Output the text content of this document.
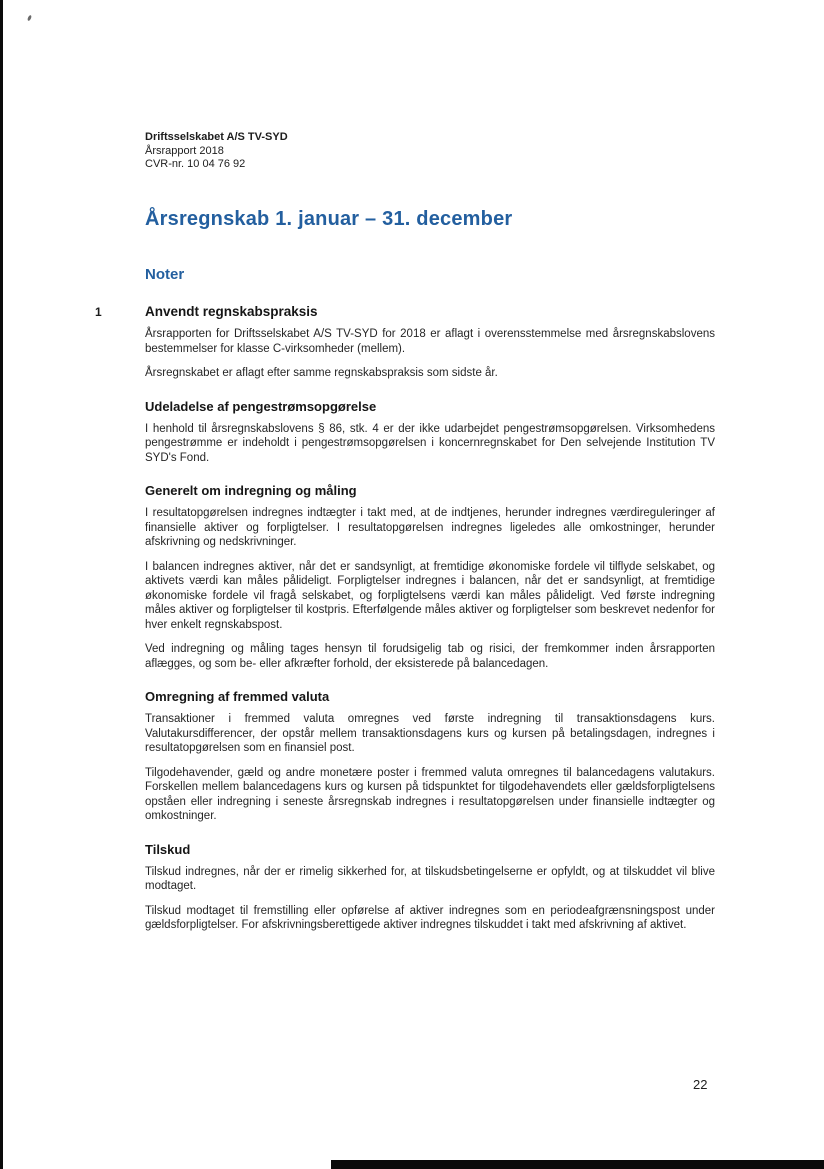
Driftsselskabet A/S TV-SYD
Årsrapport 2018
CVR-nr. 10 04 76 92
Årsregnskab 1. januar – 31. december
Noter
1	Anvendt regnskabspraksis

Årsrapporten for Driftsselskabet A/S TV-SYD for 2018 er aflagt i overensstemmelse med årsregnskabslovens bestemmelser for klasse C-virksomheder (mellem).

Årsregnskabet er aflagt efter samme regnskabspraksis som sidste år.

Udeladelse af pengestrømsopgørelse

I henhold til årsregnskabslovens § 86, stk. 4 er der ikke udarbejdet pengestrømsopgørelsen. Virksomhedens pengestrømme er indeholdt i pengestrømsopgørelsen i koncernregnskabet for Den selvejende Institution TV SYD's Fond.

Generelt om indregning og måling

I resultatopgørelsen indregnes indtægter i takt med, at de indtjenes, herunder indregnes værdireguleringer af finansielle aktiver og forpligtelser. I resultatopgørelsen indregnes ligeledes alle omkostninger, herunder afskrivning og nedskrivninger.

I balancen indregnes aktiver, når det er sandsynligt, at fremtidige økonomiske fordele vil tilflyde selskabet, og aktivets værdi kan måles pålideligt. Forpligtelser indregnes i balancen, når det er sandsynligt, at fremtidige økonomiske fordele vil fragå selskabet, og forpligtelsens værdi kan måles pålideligt. Ved første indregning måles aktiver og forpligtelser til kostpris. Efterfølgende måles aktiver og forpligtelser som beskrevet nedenfor for hver enkelt regnskabspost.

Ved indregning og måling tages hensyn til forudsigelig tab og risici, der fremkommer inden årsrapporten aflægges, og som be- eller afkræfter forhold, der eksisterede på balancedagen.

Omregning af fremmed valuta

Transaktioner i fremmed valuta omregnes ved første indregning til transaktionsdagens kurs. Valutakursdifferencer, der opstår mellem transaktionsdagens kurs og kursen på betalingsdagen, indregnes i resultatopgørelsen som en finansiel post.

Tilgodehavender, gæld og andre monetære poster i fremmed valuta omregnes til balancedagens valutakurs. Forskellen mellem balancedagens kurs og kursen på tidspunktet for tilgodehavendets eller gældsforpligtelsens opståen eller indregning i seneste årsregnskab indregnes i resultatopgørelsen under finansielle indtægter og omkostninger.

Tilskud

Tilskud indregnes, når der er rimelig sikkerhed for, at tilskudsbetingelserne er opfyldt, og at tilskuddet vil blive modtaget.

Tilskud modtaget til fremstilling eller opførelse af aktiver indregnes som en periodeafgrænsningspost under gældsforpligtelser. For afskrivningsberettigede aktiver indregnes tilskuddet i takt med afskrivning af aktivet.

22
